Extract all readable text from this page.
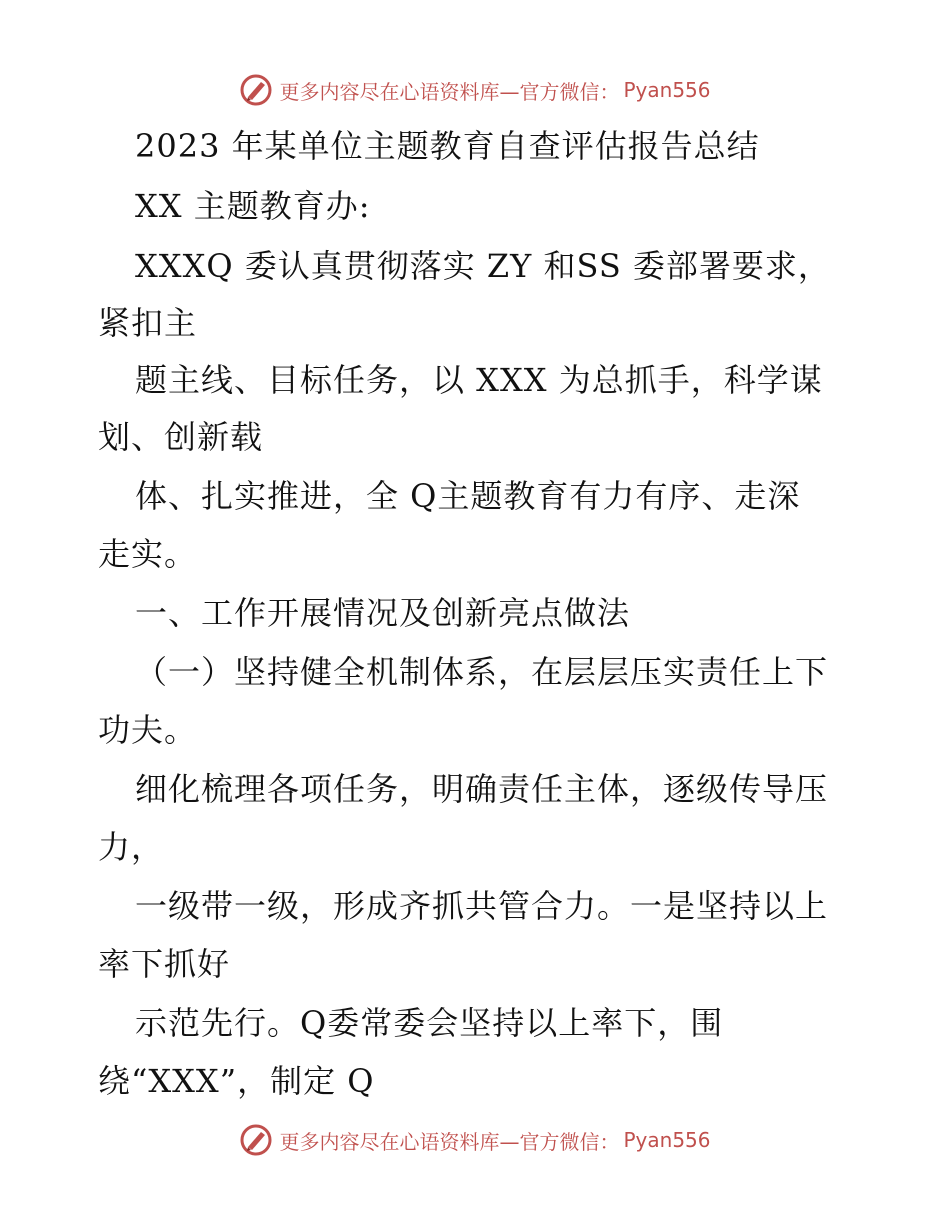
更多内容尽在心语资料库—官方微信： Pyan556
2023 年某单位主题教育自查评估报告总结
XX 主题教育办:
XXXQ 委认真贯彻落实 ZY 和SS 委部署要求，
紧扣主
题主线、目标任务，以 XXX 为总抓手，科学谋
划、创新载
体、扎实推进，全 Q主题教育有力有序、走深
走实。
一、工作开展情况及创新亮点做法
（一）坚持健全机制体系，在层层压实责任上下
功夫。
细化梳理各项任务，明确责任主体，逐级传导压
力，
一级带一级，形成齐抓共管合力。一是坚持以上
率下抓好
示范先行。Q委常委会坚持以上率下，围
绕“XXX”，制定 Q
更多内容尽在心语资料库—官方微信： Pyan556
